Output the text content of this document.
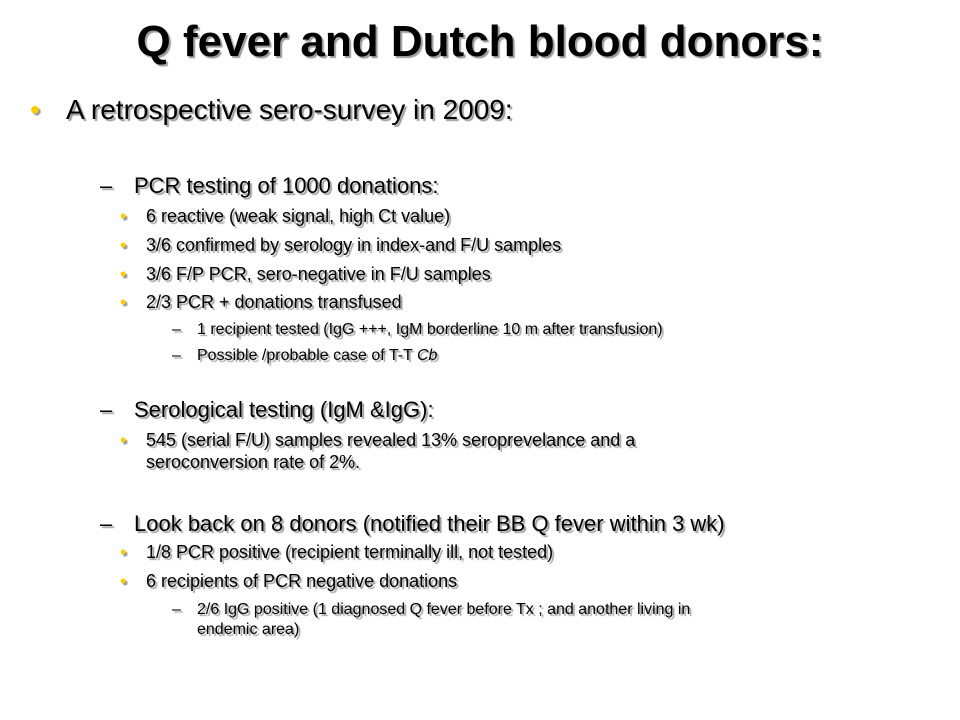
Q fever and Dutch blood donors:
• A retrospective sero-survey in 2009:
– PCR testing of 1000 donations:
• 6 reactive (weak signal, high Ct value)
• 3/6 confirmed by serology in index-and F/U samples
• 3/6 F/P PCR, sero-negative in F/U samples
• 2/3 PCR + donations transfused
– 1 recipient tested (IgG +++, IgM borderline 10 m after transfusion)
– Possible /probable case of T-T Cb
– Serological testing (IgM &IgG):
• 545 (serial F/U) samples revealed 13% seroprevelance and a
seroconversion rate of 2%.
– Look back on 8 donors (notified their BB Q fever within 3 wk)
• 1/8 PCR positive (recipient terminally ill, not tested)
• 6 recipients of PCR negative donations
– 2/6 IgG positive (1 diagnosed Q fever before Tx ; and another living in
endemic area)
